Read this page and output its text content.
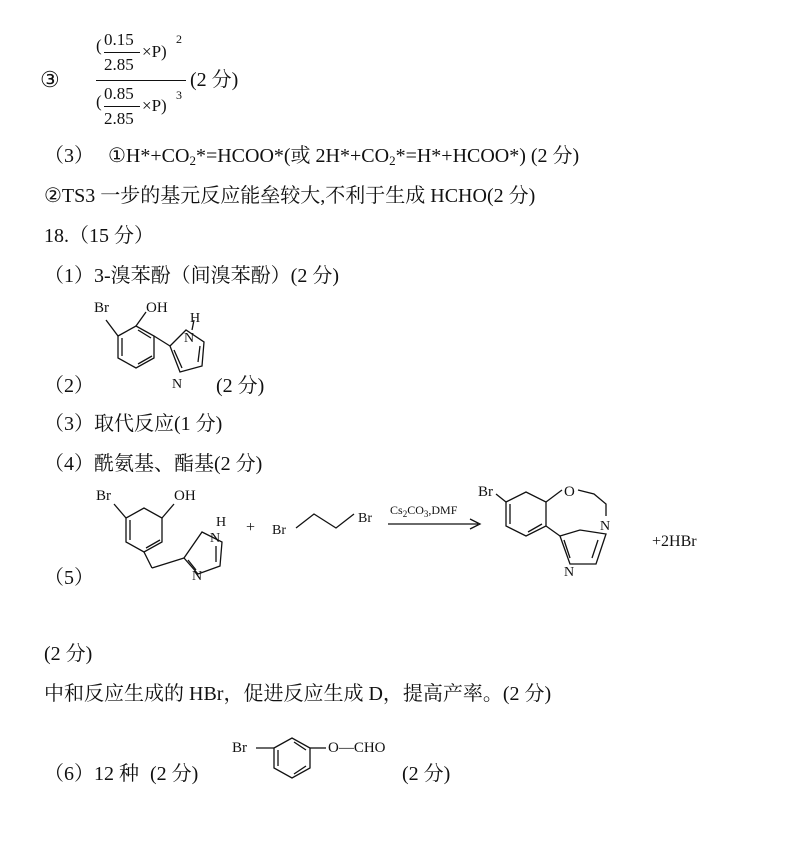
③
( 0.15
2.85
×P)
2
( 0.85
2.85
×P)
3
(2 分)
（3） $①H*+CO_2*=HCOO*$(或 $2H*+CO_2*=H*+HCOO*$) (2 分)
②TS3 一步的基元反应能垒较大,不利于生成 HCHO(2 分)
18.（15 分）
（1）3-溴苯酚（间溴苯酚）(2 分)
（2）
Br OH
H
N
N (2 分)
（3）取代反应(1 分)
（4）酰氨基、酯基(2 分)
（5）
Br	OH
H
N
N
+ Br
Br
$Cs_2CO_3,DMF$
Br	O
N
N
+2HBr
(2 分)
中和反应生成的 HBr，促进反应生成 D，提高产率。(2 分)
（6）12 种 (2 分)
Br	O—CHO
(2 分)
